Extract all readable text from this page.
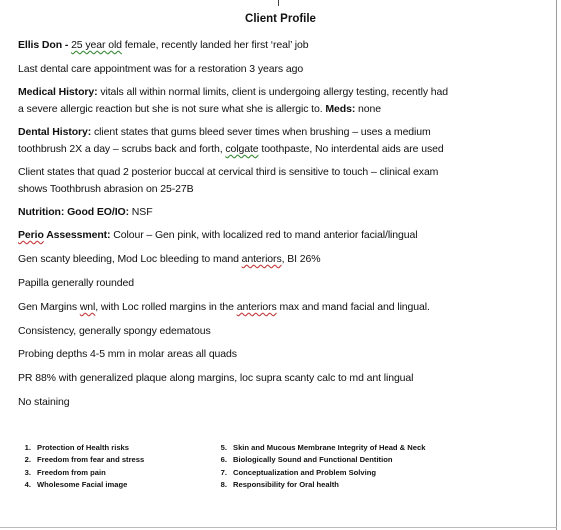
Client Profile
Ellis Don - 25 year old female, recently landed her first ‘real’ job
Last dental care appointment was for a restoration 3 years ago
Medical History: vitals all within normal limits, client is undergoing allergy testing, recently had
a severe allergic reaction but she is not sure what she is allergic to. Meds: none
Dental History: client states that gums bleed sever times when brushing – uses a medium
toothbrush 2X a day – scrubs back and forth, colgate toothpaste, No interdental aids are used
Client states that quad 2 posterior buccal at cervical third is sensitive to touch – clinical exam
shows Toothbrush abrasion on 25-27B
Nutrition: Good EO/IO: NSF
Perio Assessment: Colour – Gen pink, with localized red to mand anterior facial/lingual
Gen scanty bleeding, Mod Loc bleeding to mand anteriors, BI 26%
Papilla generally rounded
Gen Margins wnl, with Loc rolled margins in the anteriors max and mand facial and lingual.
Consistency, generally spongy edematous
Probing depths 4-5 mm in molar areas all quads
PR 88% with generalized plaque along margins, loc supra scanty calc to md ant lingual
No staining
1. Protection of Health risks
2. Freedom from fear and stress
3. Freedom from pain
4. Wholesome Facial image
5. Skin and Mucous Membrane Integrity of Head & Neck
6. Biologically Sound and Functional Dentition
7. Conceptualization and Problem Solving
8. Responsibility for Oral health
